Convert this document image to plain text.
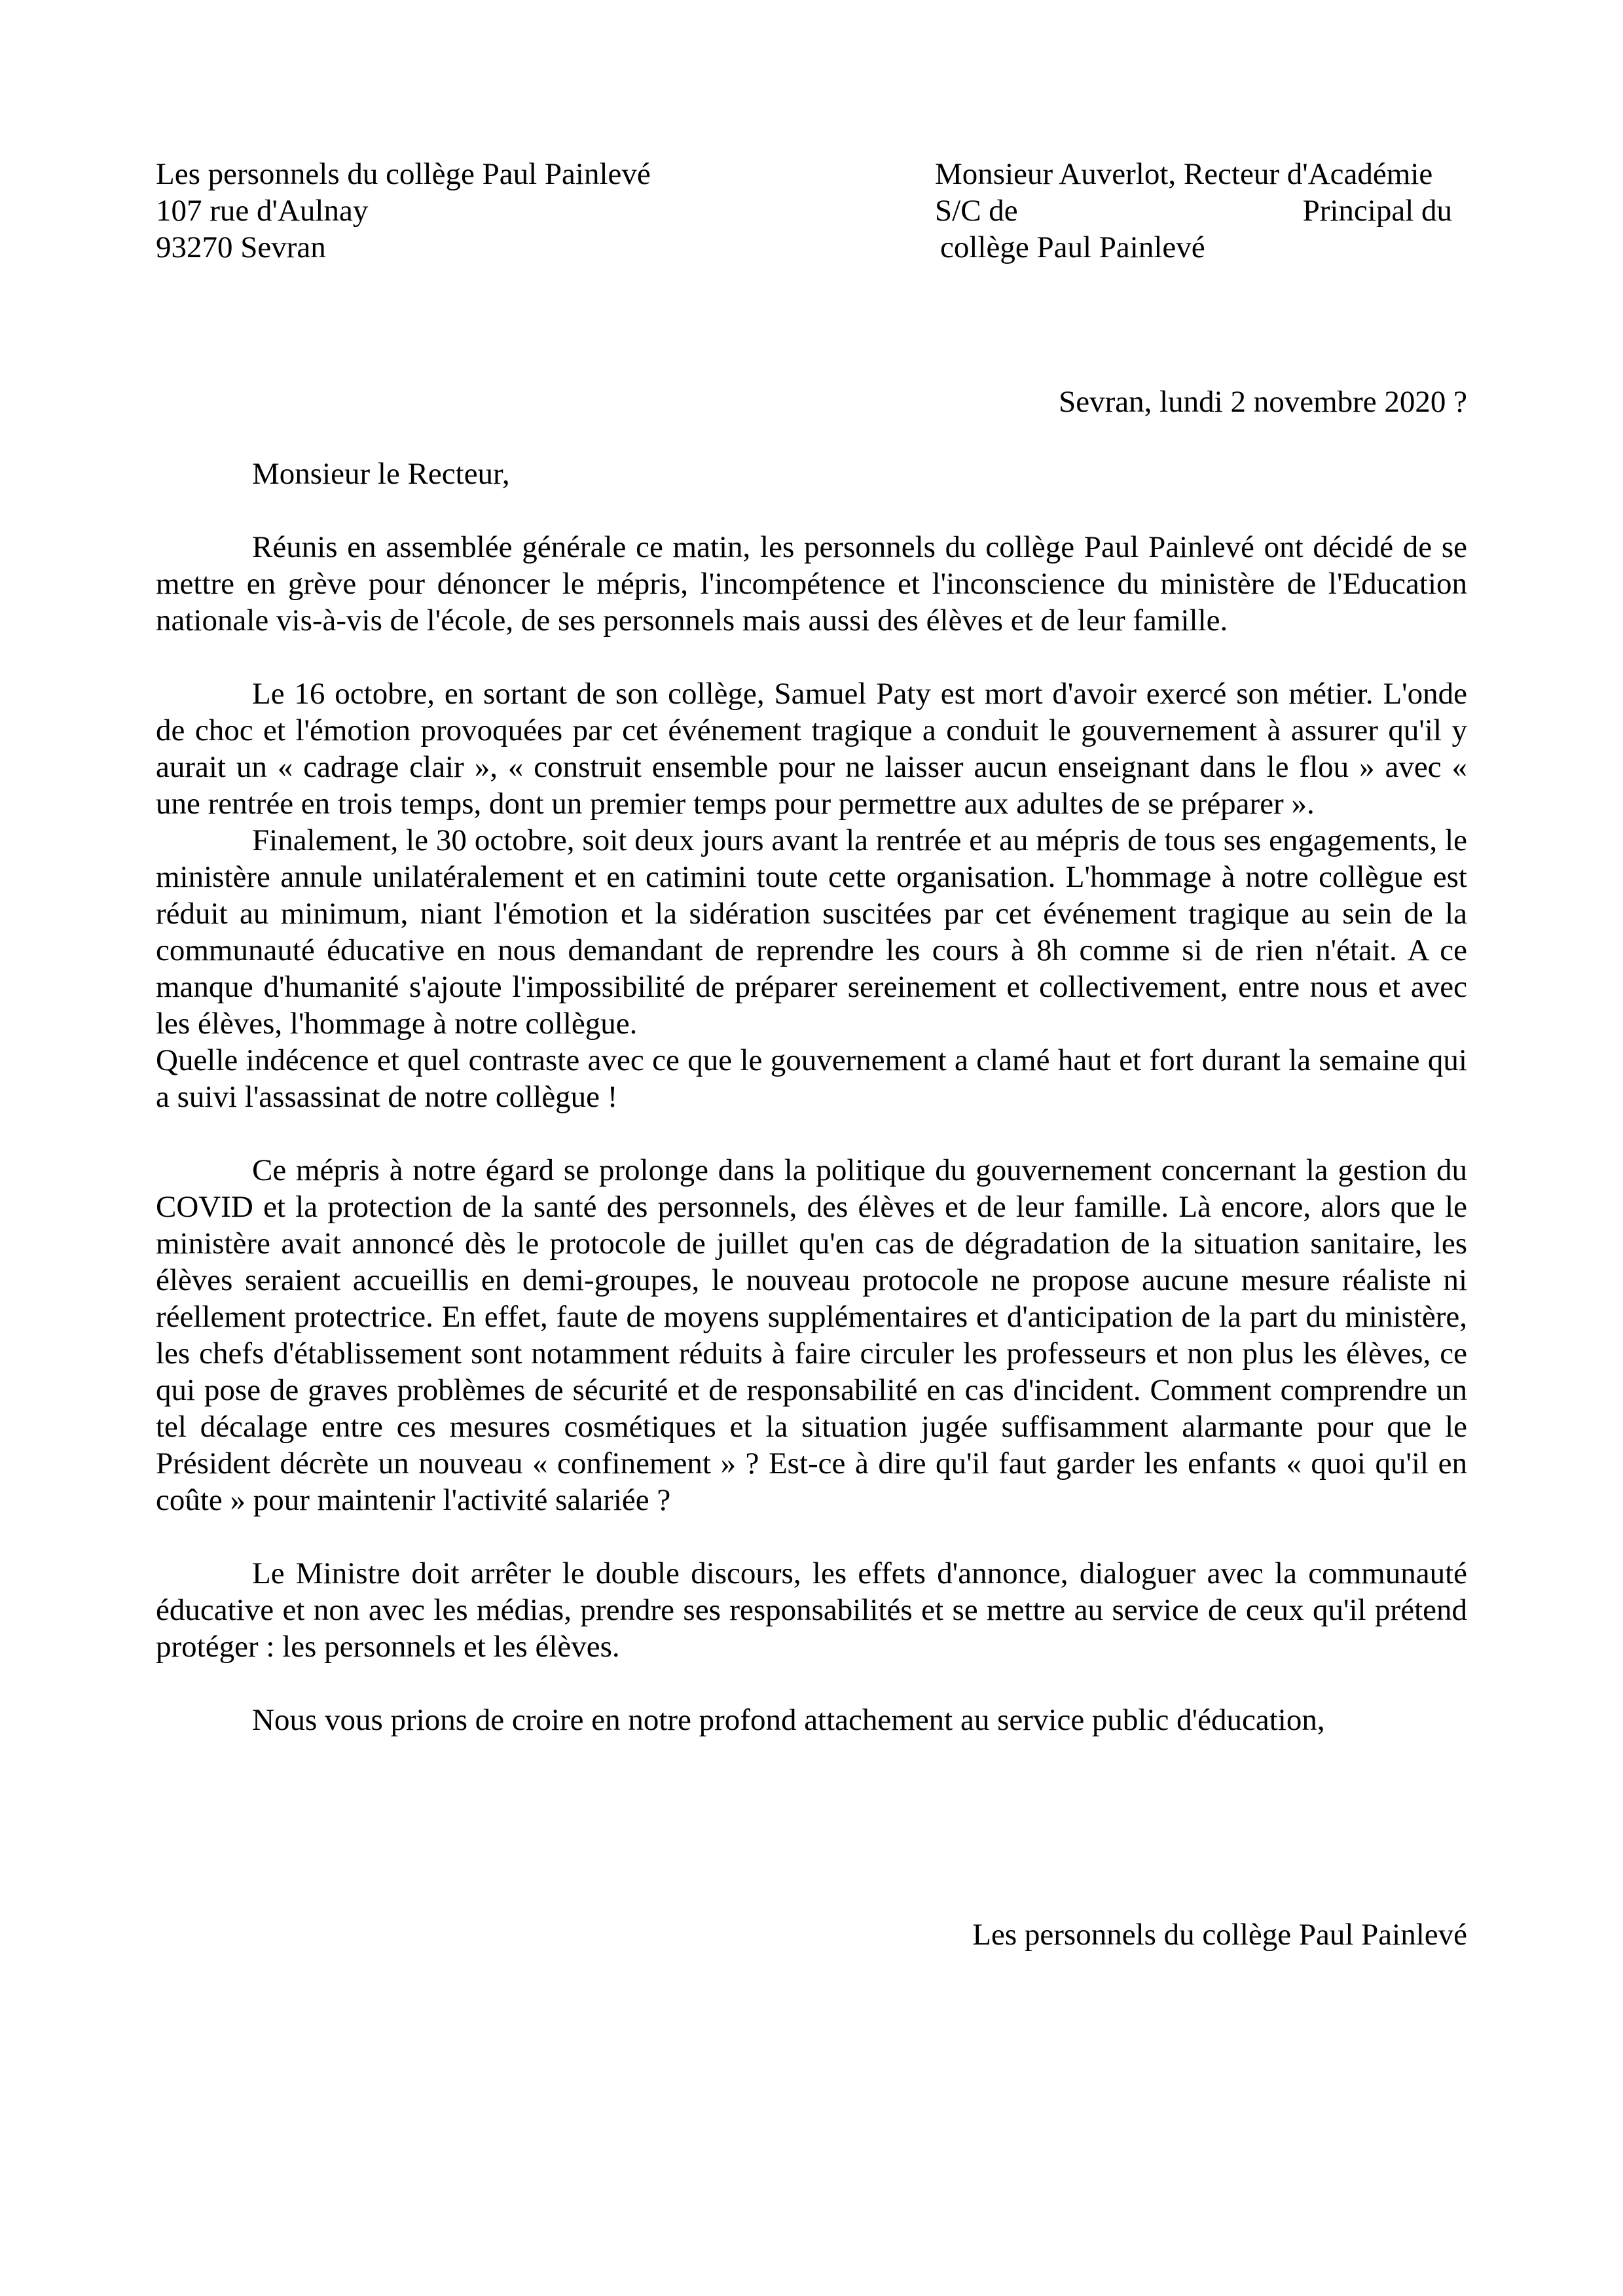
Les personnels du collège Paul Painlevé
107 rue d'Aulnay
93270 Sevran
Monsieur Auverlot, Recteur d'Académie
S/C de	Principal du
collège Paul Painlevé
Sevran, lundi 2 novembre 2020 ?
Monsieur le Recteur,

Réunis en assemblée générale ce matin, les personnels du collège Paul Painlevé ont décidé de se mettre en grève pour dénoncer le mépris, l'incompétence et l'inconscience du ministère de l'Education nationale vis-à-vis de l'école, de ses personnels mais aussi des élèves et de leur famille.

Le 16 octobre, en sortant de son collège, Samuel Paty est mort d'avoir exercé son métier. L'onde de choc et l'émotion provoquées par cet événement tragique a conduit le gouvernement à assurer qu'il y aurait un « cadrage clair », « construit ensemble pour ne laisser aucun enseignant dans le flou » avec « une rentrée en trois temps, dont un premier temps pour permettre aux adultes de se préparer ».

Finalement, le 30 octobre, soit deux jours avant la rentrée et au mépris de tous ses engagements, le ministère annule unilatéralement et en catimini toute cette organisation. L'hommage à notre collègue est réduit au minimum, niant l'émotion et la sidération suscitées par cet événement tragique au sein de la communauté éducative en nous demandant de reprendre les cours à 8h comme si de rien n'était. A ce manque d'humanité s'ajoute l'impossibilité de préparer sereinement et collectivement, entre nous et avec les élèves, l'hommage à notre collègue.

Quelle indécence et quel contraste avec ce que le gouvernement a clamé haut et fort durant la semaine qui a suivi l'assassinat de notre collègue !

Ce mépris à notre égard se prolonge dans la politique du gouvernement concernant la gestion du COVID et la protection de la santé des personnels, des élèves et de leur famille. Là encore, alors que le ministère avait annoncé dès le protocole de juillet qu'en cas de dégradation de la situation sanitaire, les élèves seraient accueillis en demi-groupes, le nouveau protocole ne propose aucune mesure réaliste ni réellement protectrice. En effet, faute de moyens supplémentaires et d'anticipation de la part du ministère, les chefs d'établissement sont notamment réduits à faire circuler les professeurs et non plus les élèves, ce qui pose de graves problèmes de sécurité et de responsabilité en cas d'incident. Comment comprendre un tel décalage entre ces mesures cosmétiques et la situation jugée suffisamment alarmante pour que le Président décrète un nouveau « confinement » ? Est-ce à dire qu'il faut garder les enfants « quoi qu'il en coûte » pour maintenir l'activité salariée ?

Le Ministre doit arrêter le double discours, les effets d'annonce, dialoguer avec la communauté éducative et non avec les médias, prendre ses responsabilités et se mettre au service de ceux qu'il prétend protéger : les personnels et les élèves.

Nous vous prions de croire en notre profond attachement au service public d'éducation,

Les personnels du collège Paul Painlevé
